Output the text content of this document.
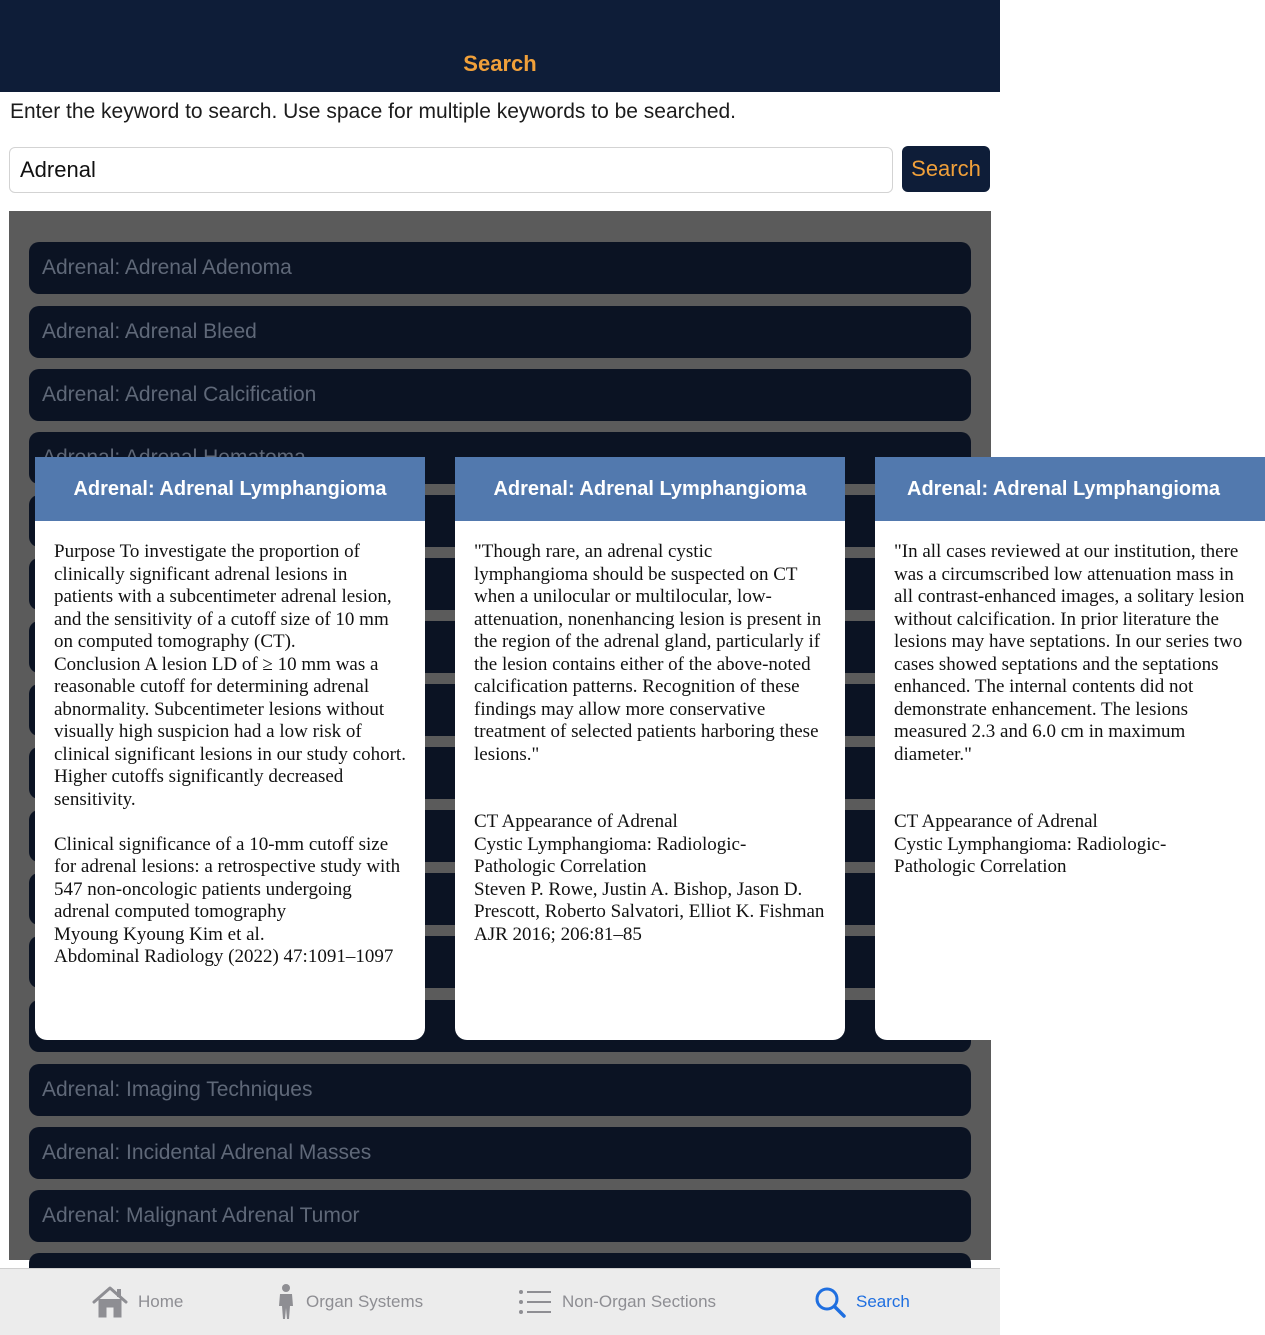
Search
Enter the keyword to search. Use space for multiple keywords to be searched.
Adrenal
Search
Adrenal: Adrenal Adenoma
Adrenal: Adrenal Bleed
Adrenal: Adrenal Calcification
Adrenal: Imaging Techniques
Adrenal: Incidental Adrenal Masses
Adrenal: Malignant Adrenal Tumor
Adrenal: Adrenal Lymphangioma
Purpose To investigate the proportion of clinically significant adrenal lesions in patients with a subcentimeter adrenal lesion, and the sensitivity of a cutoff size of 10 mm on computed tomography (CT).
Conclusion A lesion LD of ≥ 10 mm was a reasonable cutoff for determining adrenal abnormality. Subcentimeter lesions without visually high suspicion had a low risk of clinical significant lesions in our study cohort. Higher cutoffs significantly decreased sensitivity.

Clinical significance of a 10-mm cutoff size for adrenal lesions: a retrospective study with 547 non-oncologic patients undergoing adrenal computed tomography
Myoung Kyoung Kim et al.
Abdominal Radiology (2022) 47:1091–1097
Adrenal: Adrenal Lymphangioma
"Though rare, an adrenal cystic lymphangioma should be suspected on CT when a unilocular or multilocular, low-attenuation, nonenhancing lesion is present in the region of the adrenal gland, particularly if the lesion contains either of the above-noted calcification patterns. Recognition of these findings may allow more conservative treatment of selected patients harboring these lesions."

CT Appearance of Adrenal
Cystic Lymphangioma: Radiologic-Pathologic Correlation
Steven P. Rowe, Justin A. Bishop, Jason D. Prescott, Roberto Salvatori, Elliot K. Fishman
AJR 2016; 206:81–85
Adrenal: Adrenal Lymphangioma
"In all cases reviewed at our institution, there was a circumscribed low attenuation mass in all contrast-enhanced images, a solitary lesion without calcification. In prior literature the lesions may have septations. In our series two cases showed septations and the septations enhanced. The internal contents did not demonstrate enhancement. The lesions measured 2.3 and 6.0 cm in maximum diameter."

CT Appearance of Adrenal
Cystic Lymphangioma: Radiologic-Pathologic Correlation
Home	Organ Systems	Non-Organ Sections	Search
